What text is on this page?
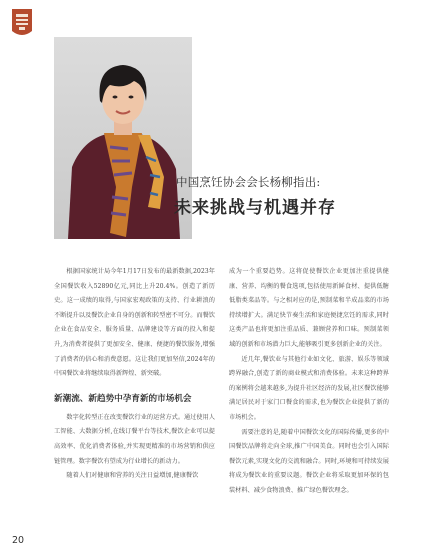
中国烹饪协会会长杨柳指出:
未来挑战与机遇并存

根据国家统计局今年1月17日发布的最新数据,2023年全国餐饮收入52890亿元,同比上升20.4%。创造了新历史。这一成绩的取得,与国家宏观政策的支持、行业耕浪的不断提升以及餐饮企业自身的创新和转型密不可分。而餐饮企业在食品安全、服务质量、品牌建设等方面的投入和提升,为消费者提供了更加安全、健康、便捷的餐饮服务,增强了消费者的信心和消费意愿。这让我们更加坚信,2024年的中国餐饮业将继续取得新辉煌、新突破。

新潮流、新趋势中孕育新的市场机会

数字化转型正在改变餐饮行业的运营方式。通过使用人工智能、大数据分析,在线订餐平台等技术,餐饮企业可以提高效率、优化消费者体验,并实现更精准的市场营销和供应链管理。数字餐饮有望成为行业增长的新动力。

随着人们对健康和营养的关注日益增加,健康餐饮

成为一个重要趋势。这将促使餐饮企业更加注重提供健康、营养、均衡的餐食选项,包括使用新鲜食材、提供低糖低脂类菜品等。与之相对应的是,预制菜和半成品菜的市场持续增扩大。满足快节奏生活和家庭便捷烹饪的需求,同时这类产品也将更加注重品质、兼顾营养和口味。预制菜领域的创新和市场潜力巨大,能够吸引更多创新企业的关注。

近几年,餐饮业与其他行业如文化、旅游、娱乐等领域跨界融合,创造了新的商业模式和消费体验。未来这种跨界的案例将会越来越多,为提升社区经济的发展,社区餐饮能够满足居民对于家门口餐食的需求,也为餐饮企业提供了新的市场机会。

需要注意的是,随着中国餐饮文化的国际传播,更多的中国餐饮品牌将走向全球,推广中国美食。同时也会引入国际餐饮元素,实现文化的交流和融合。同时,环境和可持续发展将成为餐饮业的重要议题。餐饮企业将采取更加环保的包装材料、减少食物浪费、推广绿色餐饮理念。

20
